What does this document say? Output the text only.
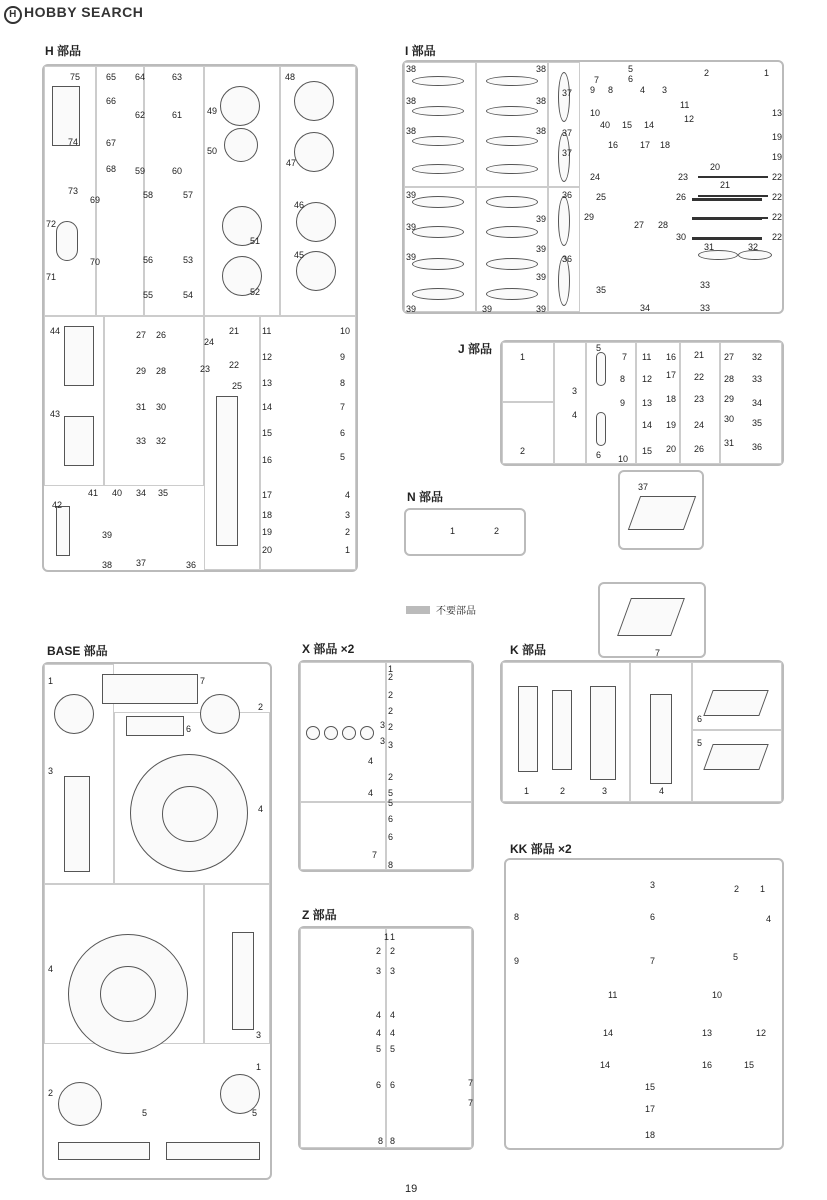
H HOBBY SEARCH
H 部品	I 部品
J 部品
N 部品
BASE 部品	X 部品 ×2	K 部品
Z 部品
KK 部品 ×2
75	65 64	63	48
49
50
47
74
66
62	61
67
68 59	60
73
69	58	57
46
51
72
56	53	45
70
55	54	52
71
44	27 26
24
21
22
23
25
11	10
12	9
13	8
14	7
15	6
16	5
43
29 28
31 30
33 32
42
41 40 34 35
39
38	37	36
17	4
18	3
19	2
20	1
38	38
37
38	38
37
38	38
37
39
39
36
39
39
39
39
36
39	39	39
5
6
2	1
3
4
9 8
40 15 14
16 17 18
24	23
25	26
29
27 28
30
31	32
35
34
33
33
13
19
19
20
21
22
22
22
22
7
10
12
11
1
3
5
7 11 16 21 27 32
8 12 17 22 28 33
4
9 13 18 23 29 34
2
14 19 24
30 35
6 10
15 20 26
31 36
37
1	2
不要部品
7
1	7
2
6
3
4
4
3
2
1
5	5
1
2
2
2
3 2
3 3
2
4
4 5
5
6
6
7
8
6
5
1	2	3	4
1 1
2 2
3 3
4 4
4 4
5 5
6 6	7
7
8 8
3	2 1
8	6	4
9	7	5
11	10
14	13	12
14	16	15
15
17
18
19
